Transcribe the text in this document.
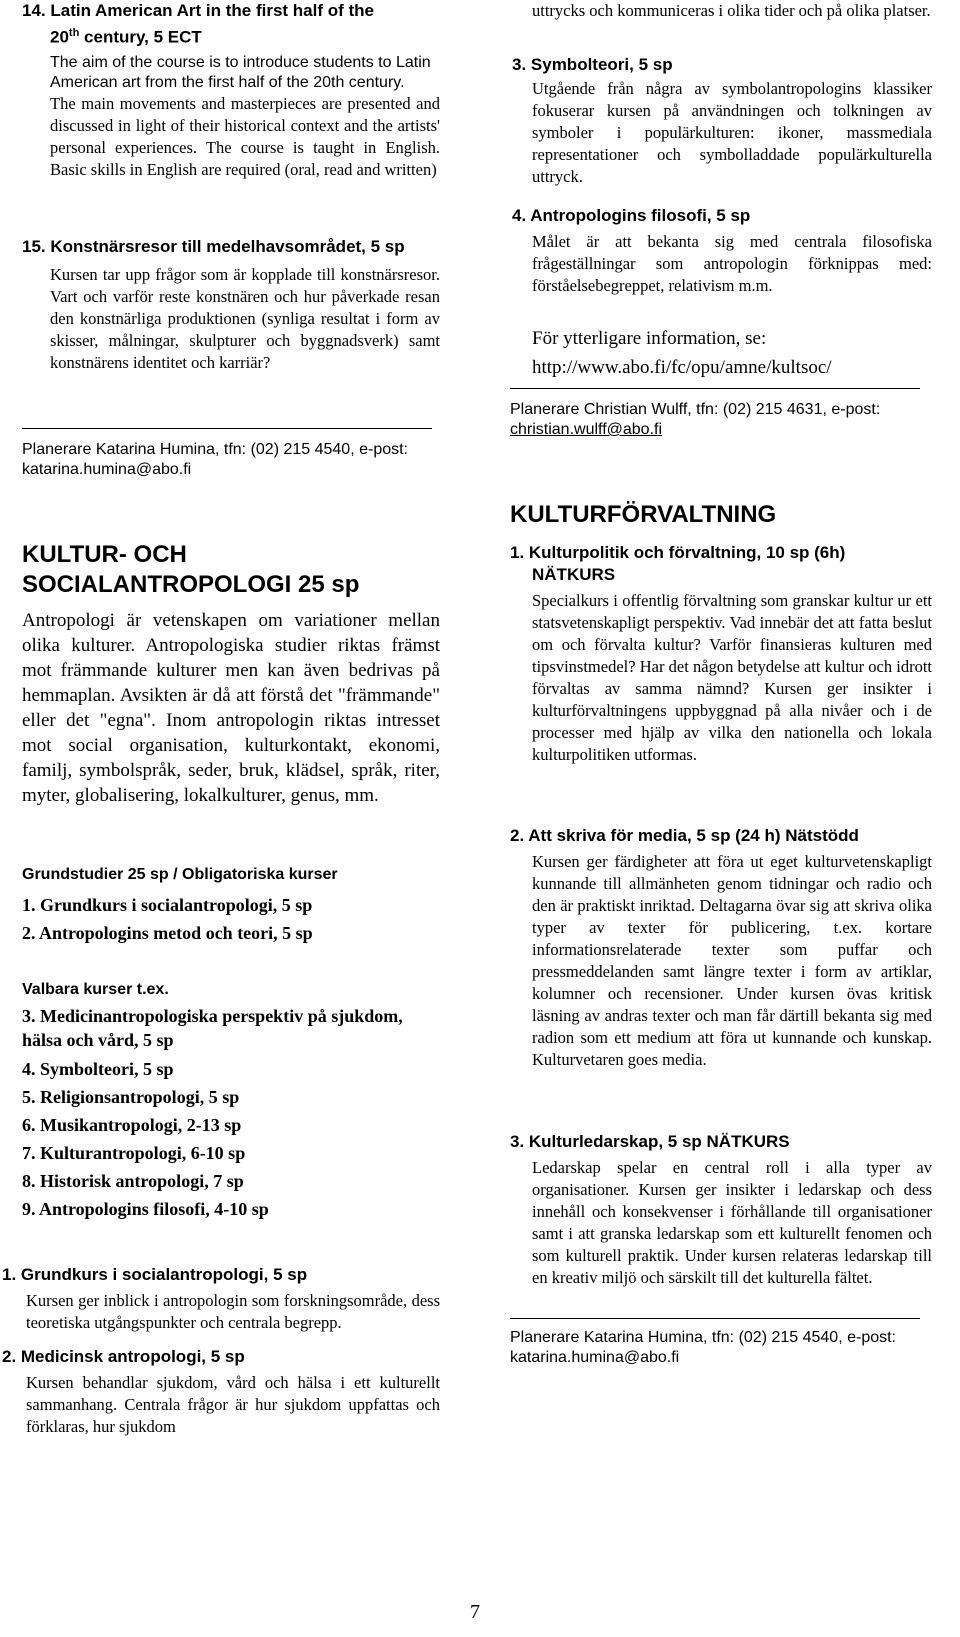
14. Latin American Art in the first half of the

20th century, 5 ECT

The aim of the course is to introduce students to Latin American art from the first half of the 20th century.

The main movements and masterpieces are presented and discussed in light of their historical context and the artists' personal experiences. The course is taught in English. Basic skills in English are required (oral, read and written)

15. Konstnärsresor till medelhavsområdet, 5 sp

Kursen tar upp frågor som är kopplade till konstnärsresor. Vart och varför reste konstnären och hur påverkade resan den konstnärliga produktionen (synliga resultat i form av skisser, målningar, skulpturer och byggnadsverk) samt konstnärens identitet och karriär?

Planerare Katarina Humina, tfn: (02) 215 4540, e-post: katarina.humina@abo.fi

KULTUR- OCH

SOCIALANTROPOLOGI 25 sp

Antropologi är vetenskapen om variationer mellan olika kulturer. Antropologiska studier riktas främst mot främmande kulturer men kan även bedrivas på hemmaplan. Avsikten är då att förstå det "främmande" eller det "egna". Inom antropologin riktas intresset mot social organisation, kulturkontakt, ekonomi, familj, symbolspråk, seder, bruk, klädsel, språk, riter, myter, globalisering, lokalkulturer, genus, mm.

Grundstudier 25 sp / Obligatoriska kurser

1. Grundkurs i socialantropologi, 5 sp

2. Antropologins metod och teori, 5 sp

Valbara kurser t.ex.

3. Medicinantropologiska perspektiv på sjukdom, hälsa och vård, 5 sp

4. Symbolteori, 5 sp

5. Religionsantropologi, 5 sp

6. Musikantropologi, 2-13 sp

7. Kulturantropologi, 6-10 sp

8. Historisk antropologi, 7 sp

9. Antropologins filosofi, 4-10 sp

1. Grundkurs i socialantropologi, 5 sp

Kursen ger inblick i antropologin som forskningsområde, dess teoretiska utgångspunkter och centrala begrepp.

2. Medicinsk antropologi, 5 sp

Kursen behandlar sjukdom, vård och hälsa i ett kulturellt sammanhang. Centrala frågor är hur sjukdom uppfattas och förklaras, hur sjukdom

uttrycks och kommuniceras i olika tider och på olika platser.

3. Symbolteori, 5 sp

Utgående från några av symbolantropologins klassiker fokuserar kursen på användningen och tolkningen av symboler i populärkulturen: ikoner, massmediala representationer och symbolladdade populärkulturella uttryck.

4. Antropologins filosofi, 5 sp

Målet är att bekanta sig med centrala filosofiska frågeställningar som antropologin förknippas med: förståelsebegreppet, relativism m.m.

För ytterligare information, se:

http://www.abo.fi/fc/opu/amne/kultsoc/

Planerare Christian Wulff, tfn: (02) 215 4631, e-post: christian.wulff@abo.fi

KULTURFÖRVALTNING

1. Kulturpolitik och förvaltning, 10 sp (6h) NÄTKURS

Specialkurs i offentlig förvaltning som granskar kultur ur ett statsvetenskapligt perspektiv. Vad innebär det att fatta beslut om och förvalta kultur? Varför finansieras kulturen med tipsvinstmedel? Har det någon betydelse att kultur och idrott förvaltas av samma nämnd? Kursen ger insikter i kulturförvaltningens uppbyggnad på alla nivåer och i de processer med hjälp av vilka den nationella och lokala kulturpolitiken utformas.

2. Att skriva för media, 5 sp (24 h) Nätstödd

Kursen ger färdigheter att föra ut eget kulturvetenskapligt kunnande till allmänheten genom tidningar och radio och den är praktiskt inriktad. Deltagarna övar sig att skriva olika typer av texter för publicering, t.ex. kortare informationsrelaterade texter som puffar och pressmeddelanden samt längre texter i form av artiklar, kolumner och recensioner. Under kursen övas kritisk läsning av andras texter och man får därtill bekanta sig med radion som ett medium att föra ut kunnande och kunskap. Kulturvetaren goes media.

3. Kulturledarskap, 5 sp NÄTKURS

Ledarskap spelar en central roll i alla typer av organisationer. Kursen ger insikter i ledarskap och dess innehåll och konsekvenser i förhållande till organisationer samt i att granska ledarskap som ett kulturellt fenomen och som kulturell praktik. Under kursen relateras ledarskap till en kreativ miljö och särskilt till det kulturella fältet.

Planerare Katarina Humina, tfn: (02) 215 4540, e-post: katarina.humina@abo.fi

7
